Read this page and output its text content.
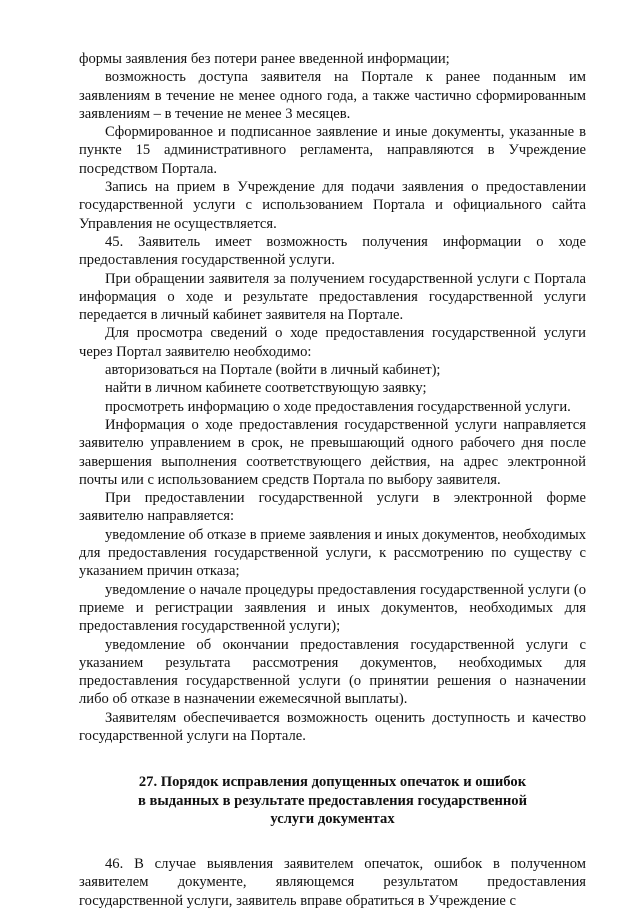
формы заявления без потери ранее введенной информации;

возможность доступа заявителя на Портале к ранее поданным им заявлениям в течение не менее одного года, а также частично сформированным заявлениям – в течение не менее 3 месяцев.

Сформированное и подписанное заявление и иные документы, указанные в пункте 15 административного регламента, направляются в Учреждение посредством Портала.

Запись на прием в Учреждение для подачи заявления о предоставлении государственной услуги с использованием Портала и официального сайта Управления не осуществляется.

45. Заявитель имеет возможность получения информации о ходе предоставления государственной услуги.

При обращении заявителя за получением государственной услуги с Портала информация о ходе и результате предоставления государственной услуги передается в личный кабинет заявителя на Портале.

Для просмотра сведений о ходе предоставления государственной услуги через Портал заявителю необходимо:

авторизоваться на Портале (войти в личный кабинет);

найти в личном кабинете соответствующую заявку;

просмотреть информацию о ходе предоставления государственной услуги.

Информация о ходе предоставления государственной услуги направляется заявителю управлением в срок, не превышающий одного рабочего дня после завершения выполнения соответствующего действия, на адрес электронной почты или с использованием средств Портала по выбору заявителя.

При предоставлении государственной услуги в электронной форме заявителю направляется:

уведомление об отказе в приеме заявления и иных документов, необходимых для предоставления государственной услуги, к рассмотрению по существу с указанием причин отказа;

уведомление о начале процедуры предоставления государственной услуги (о приеме и регистрации заявления и иных документов, необходимых для предоставления государственной услуги);

уведомление об окончании предоставления государственной услуги с указанием результата рассмотрения документов, необходимых для предоставления государственной услуги (о принятии решения о назначении либо об отказе в назначении ежемесячной выплаты).

Заявителям обеспечивается возможность оценить доступность и качество государственной услуги на Портале.

27. Порядок исправления допущенных опечаток и ошибок
в выданных в результате предоставления государственной
услуги документах

46. В случае выявления заявителем опечаток, ошибок в полученном заявителем документе, являющемся результатом предоставления государственной услуги, заявитель вправе обратиться в Учреждение с
